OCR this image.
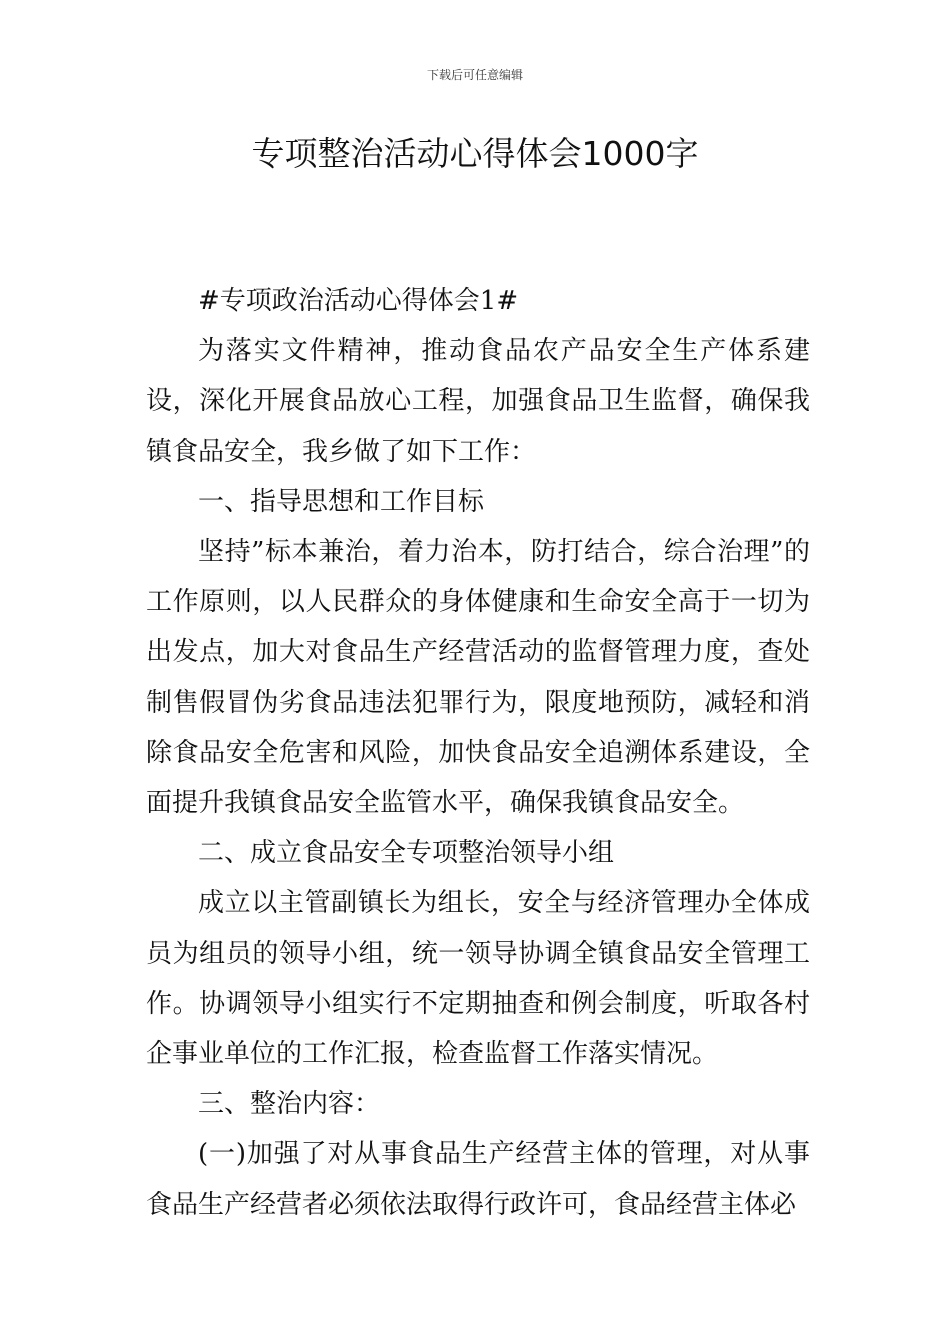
下载后可任意编辑
专项整治活动心得体会1000字

#专项政治活动心得体会1#

为落实文件精神，推动食品农产品安全生产体系建设，深化开展食品放心工程，加强食品卫生监督，确保我镇食品安全，我乡做了如下工作：

一、指导思想和工作目标

坚持”标本兼治，着力治本，防打结合，综合治理”的工作原则，以人民群众的身体健康和生命安全高于一切为出发点，加大对食品生产经营活动的监督管理力度，查处制售假冒伪劣食品违法犯罪行为，限度地预防，减轻和消除食品安全危害和风险，加快食品安全追溯体系建设，全面提升我镇食品安全监管水平，确保我镇食品安全。

二、成立食品安全专项整治领导小组

成立以主管副镇长为组长，安全与经济管理办全体成员为组员的领导小组，统一领导协调全镇食品安全管理工作。协调领导小组实行不定期抽查和例会制度，听取各村企事业单位的工作汇报，检查监督工作落实情况。

三、整治内容：

(一)加强了对从事食品生产经营主体的管理，对从事食品生产经营者必须依法取得行政许可，食品经营主体必
